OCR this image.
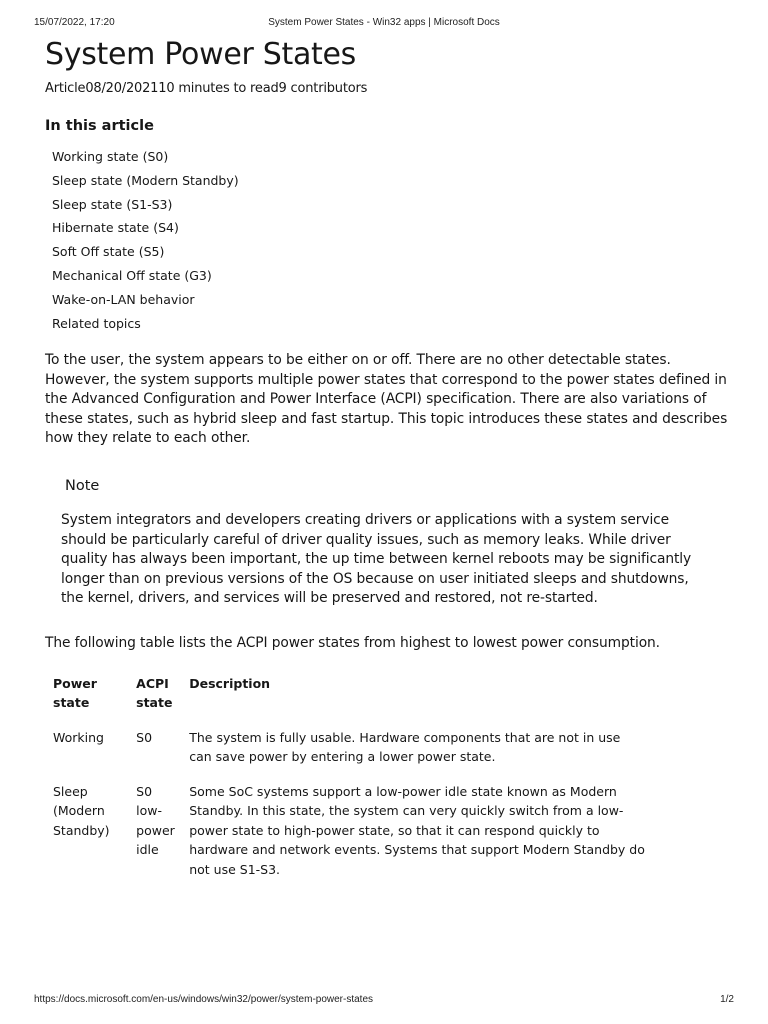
15/07/2022, 17:20	System Power States - Win32 apps | Microsoft Docs
System Power States
Article08/20/202110 minutes to read9 contributors
In this article
Working state (S0)
Sleep state (Modern Standby)
Sleep state (S1-S3)
Hibernate state (S4)
Soft Off state (S5)
Mechanical Off state (G3)
Wake-on-LAN behavior
Related topics

To the user, the system appears to be either on or off. There are no other detectable states. However, the system supports multiple power states that correspond to the power states defined in the Advanced Configuration and Power Interface (ACPI) specification. There are also variations of these states, such as hybrid sleep and fast startup. This topic introduces these states and describes how they relate to each other.

Note
System integrators and developers creating drivers or applications with a system service should be particularly careful of driver quality issues, such as memory leaks. While driver quality has always been important, the up time between kernel reboots may be significantly longer than on previous versions of the OS because on user initiated sleeps and shutdowns, the kernel, drivers, and services will be preserved and restored, not re-started.
The following table lists the ACPI power states from highest to lowest power consumption.
Power state	ACPI state	Description
Working	S0	The system is fully usable. Hardware components that are not in use can save power by entering a lower power state.

Sleep (Modern Standby)	S0 low-power idle	Some SoC systems support a low-power idle state known as Modern Standby. In this state, the system can very quickly switch from a low-power state to high-power state, so that it can respond quickly to hardware and network events. Systems that support Modern Standby do not use S1-S3.
https://docs.microsoft.com/en-us/windows/win32/power/system-power-states	1/2
